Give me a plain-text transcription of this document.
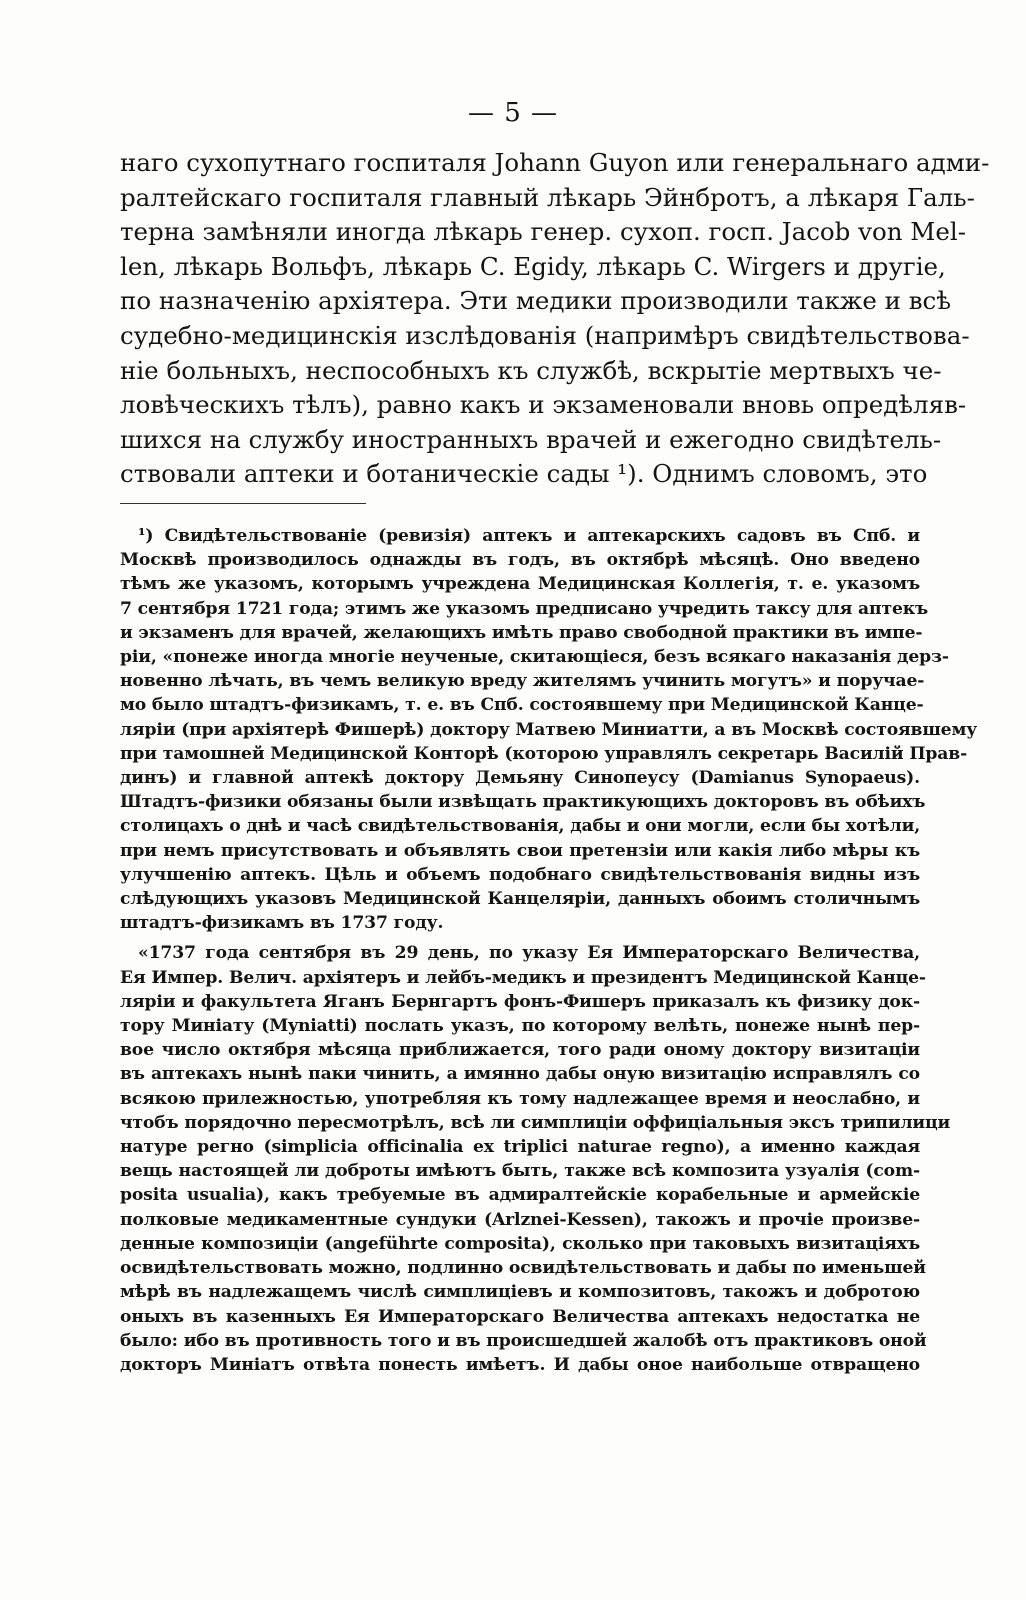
— 5 —
наго сухопутнаго госпиталя Johann Guyon или генеральнаго адми-
ралтейскаго госпиталя главный лѣкарь Эйнбротъ, а лѣкаря Галь-
терна замѣняли иногда лѣкарь генер. сухоп. госп. Jacob von Mel-
len, лѣкарь Вольфъ, лѣкарь C. Egidy, лѣкарь C. Wirgers и другіе,
по назначенію архіятера. Эти медики производили также и всѣ
судебно-медицинскія изслѣдованія (напримѣръ свидѣтельствова-
ніе больныхъ, неспособныхъ къ службѣ, вскрытіе мертвыхъ че-
ловѣческихъ тѣлъ), равно какъ и экзаменовали вновь опредѣляв-
шихся на службу иностранныхъ врачей и ежегодно свидѣтель-
ствовали аптеки и ботаническіе сады ¹). Однимъ словомъ, это
¹) Свидѣтельствованіе (ревизія) аптекъ и аптекарскихъ садовъ въ Спб. и
Москвѣ производилось однажды въ годъ, въ октябрѣ мѣсяцѣ. Оно введено
тѣмъ же указомъ, которымъ учреждена Медицинская Коллегія, т. е. указомъ
7 сентября 1721 года; этимъ же указомъ предписано учредить таксу для аптекъ
и экзаменъ для врачей, желающихъ имѣть право свободной практики въ импе-
ріи, «понеже иногда многіе неученые, скитающіеся, безъ всякаго наказанія дерз-
новенно лѣчать, въ чемъ великую вреду жителямъ учинить могутъ» и поручае-
мо было штадтъ-физикамъ, т. е. въ Спб. состоявшему при Медицинской Канце-
ляріи (при архіятерѣ Фишерѣ) доктору Матвею Миниатти, а въ Москвѣ состоявшему
при тамошней Медицинской Конторѣ (которою управлялъ секретарь Василій Прав-
динъ) и главной аптекѣ доктору Демьяну Синопеусу (Damianus Synopaeus).
Штадтъ-физики обязаны были извѣщать практикующихъ докторовъ въ обѣихъ
столицахъ о днѣ и часѣ свидѣтельствованія, дабы и они могли, если бы хотѣли,
при немъ присутствовать и объявлять свои претензіи или какія либо мѣры къ
улучшенію аптекъ. Цѣль и объемъ подобнаго свидѣтельствованія видны изъ
слѣдующихъ указовъ Медицинской Канцеляріи, данныхъ обоимъ столичнымъ
штадтъ-физикамъ въ 1737 году.
«1737 года сентября въ 29 день, по указу Ея Императорскаго Величества,
Ея Импер. Велич. архіятеръ и лейбъ-медикъ и президентъ Медицинской Канце-
ляріи и факультета Яганъ Бернгартъ фонъ-Фишеръ приказалъ къ физику док-
тору Миніату (Myniatti) послать указъ, по которому велѣть, понеже нынѣ пер-
вое число октября мѣсяца приближается, того ради оному доктору визитаціи
въ аптекахъ нынѣ паки чинить, а имянно дабы оную визитацію исправлялъ со
всякою прилежностью, употребляя къ тому надлежащее время и неослабно, и
чтобъ порядочно пересмотрѣлъ, всѣ ли симплиціи оффиціальныя эксъ трипилици
натуре регно (simplicia officinalia ex triplici naturae regno), а именно каждая
вещь настоящей ли доброты имѣютъ быть, также всѣ композита узуалія (com-
posita usualia), какъ требуемые въ адмиралтейскіе корабельные и армейскіе
полковые медикаментные сундуки (Arlznei-Kessen), такожъ и прочіе произве-
денные композиціи (angeführte composita), сколько при таковыхъ визитаціяхъ
освидѣтельствовать можно, подлинно освидѣтельствовать и дабы по именьшей
мѣрѣ въ надлежащемъ числѣ симплиціевъ и композитовъ, такожъ и добротою
оныхъ въ казенныхъ Ея Императорскаго Величества аптекахъ недостатка не
было: ибо въ противность того и въ происшедшей жалобѣ отъ практиковъ оной
докторъ Миніатъ отвѣта понесть имѣетъ. И дабы оное наибольше отвращено
